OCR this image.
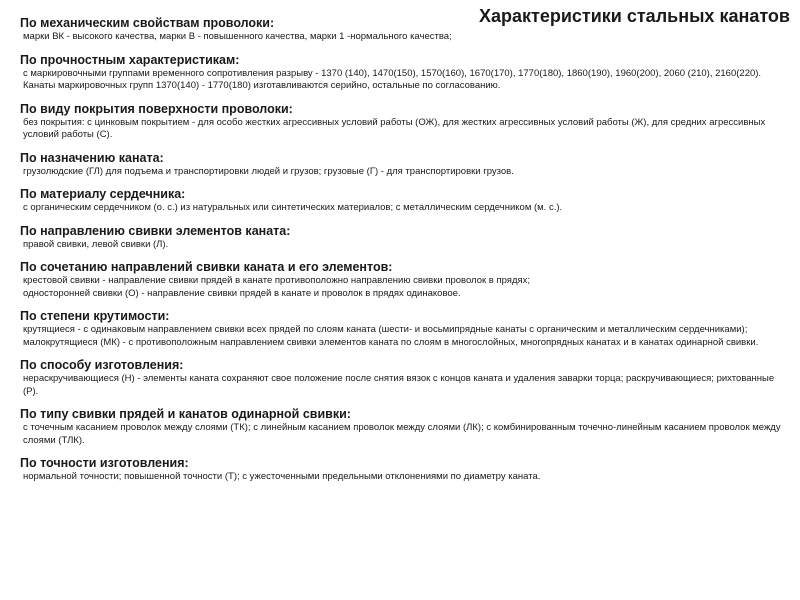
Характеристики стальных канатов

По механическим свойствам проволоки:

марки ВК - высокого качества, марки В - повышенного качества, марки 1 -нормального качества;

По прочностным характеристикам:

с маркировочными группами временного сопротивления разрыву - 1370 (140), 1470(150), 1570(160), 1670(170), 1770(180), 1860(190), 1960(200), 2060 (210), 2160(220).

Канаты маркировочных групп 1370(140) - 1770(180) изготавливаются серийно, остальные по согласованию.

По виду покрытия поверхности проволоки:

без покрытия: с цинковым покрытием - для особо жестких агрессивных условий работы (ОЖ), для жестких агрессивных условий работы (Ж), для средних агрессивных условий работы (С).

По назначению каната:

грузолюдские (ГЛ) для подъема и транспортировки людей и грузов; грузовые (Г) - для транспортировки грузов.

По материалу сердечника:

с органическим сердечником (о. с.) из натуральных или синтетических материалов; с металлическим сердечником (м. с.).

По направлению свивки элементов каната:

правой свивки, левой свивки (Л).

По сочетанию направлений свивки каната и его элементов:

крестовой свивки - направление свивки прядей в канате противоположно направлению свивки проволок в прядях;

односторонней свивки (О) - направление свивки прядей в канате и проволок в прядях одинаковое.

По степени крутимости:

крутящиеся - с одинаковым направлением свивки всех прядей по слоям каната (шести- и восьмипрядные канаты с органическим и металлическим сердечниками);

малокрутящиеся (МК) - с противоположным направлением свивки элементов каната по слоям в многослойных, многопрядных канатах и в канатах одинарной свивки.

По способу изготовления:

нераскручивающиеся (Н) - элементы каната сохраняют свое положение после снятия вязок с концов каната и удаления заварки торца; раскручивающиеся; рихтованные (Р).

По типу свивки прядей и канатов одинарной свивки:

с точечным касанием проволок между слоями (ТК); с линейным касанием проволок между слоями (ЛК); с комбинированным точечно-линейным касанием проволок между слоями (ТЛК).

По точности изготовления:

нормальной точности; повышенной точности (Т); с ужесточенными предельными отклонениями по диаметру каната.
